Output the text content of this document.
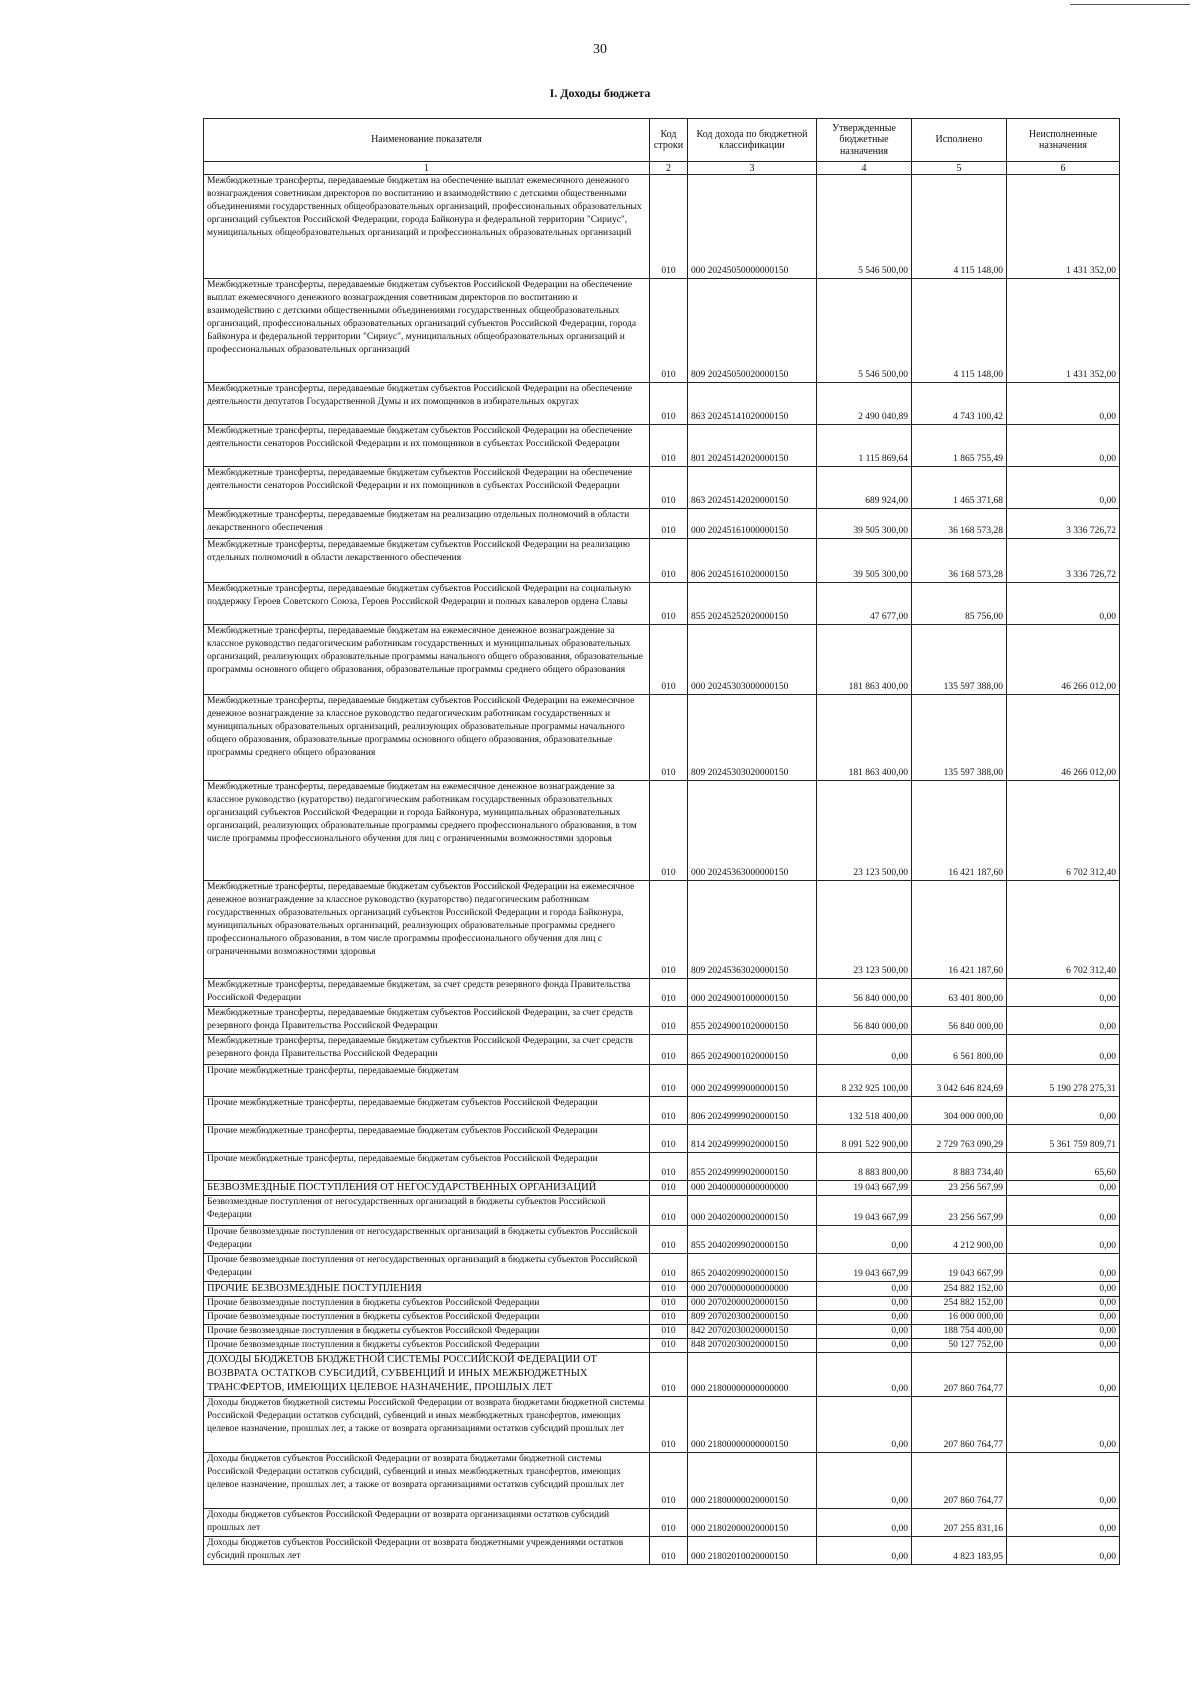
30
I. Доходы бюджета
Наименование показателя	Код строки	Код дохода по бюджетной классификации	Утвержденные бюджетные назначения	Исполнено	Неисполненные назначения
1	2	3	4	5	6
Межбюджетные трансферты, передаваемые бюджетам на обеспечение выплат ежемесячного денежного вознаграждения советникам директоров по воспитанию и взаимодействию с детскими общественными объединениями государственных общеобразовательных организаций, профессиональных образовательных организаций субъектов Российской Федерации, города Байконура и федеральной территории "Сириус", муниципальных общеобразовательных организаций и профессиональных образовательных организаций	010	000 20245050000000150	5 546 500,00	4 115 148,00	1 431 352,00
Межбюджетные трансферты, передаваемые бюджетам субъектов Российской Федерации на обеспечение выплат ежемесячного денежного вознаграждения советникам директоров по воспитанию и взаимодействию с детскими общественными объединениями государственных общеобразовательных организаций, профессиональных образовательных организаций субъектов Российской Федерации, города Байконура и федеральной территории "Сириус", муниципальных общеобразовательных организаций и профессиональных образовательных организаций	010	809 20245050020000150	5 546 500,00	4 115 148,00	1 431 352,00
Межбюджетные трансферты, передаваемые бюджетам субъектов Российской Федерации на обеспечение деятельности депутатов Государственной Думы и их помощников в избирательных округах	010	863 20245141020000150	2 490 040,89	4 743 100,42	0,00
Межбюджетные трансферты, передаваемые бюджетам субъектов Российской Федерации на обеспечение деятельности сенаторов Российской Федерации и их помощников в субъектах Российской Федерации	010	801 20245142020000150	1 115 869,64	1 865 755,49	0,00
Межбюджетные трансферты, передаваемые бюджетам субъектов Российской Федерации на обеспечение деятельности сенаторов Российской Федерации и их помощников в субъектах Российской Федерации	010	863 20245142020000150	689 924,00	1 465 371,68	0,00
Межбюджетные трансферты, передаваемые бюджетам на реализацию отдельных полномочий в области лекарственного обеспечения	010	000 20245161000000150	39 505 300,00	36 168 573,28	3 336 726,72
Межбюджетные трансферты, передаваемые бюджетам субъектов Российской Федерации на реализацию отдельных полномочий в области лекарственного обеспечения	010	806 20245161020000150	39 505 300,00	36 168 573,28	3 336 726,72
Межбюджетные трансферты, передаваемые бюджетам субъектов Российской Федерации на социальную поддержку Героев Советского Союза, Героев Российской Федерации и полных кавалеров ордена Славы	010	855 20245252020000150	47 677,00	85 756,00	0,00
Межбюджетные трансферты, передаваемые бюджетам на ежемесячное денежное вознаграждение за классное руководство педагогическим работникам государственных и муниципальных образовательных организаций, реализующих образовательные программы начального общего образования, образовательные программы основного общего образования, образовательные программы среднего общего образования	010	000 20245303000000150	181 863 400,00	135 597 388,00	46 266 012,00
Межбюджетные трансферты, передаваемые бюджетам субъектов Российской Федерации на ежемесячное денежное вознаграждение за классное руководство педагогическим работникам государственных и муниципальных образовательных организаций, реализующих образовательные программы начального общего образования, образовательные программы основного общего образования, образовательные программы среднего общего образования	010	809 20245303020000150	181 863 400,00	135 597 388,00	46 266 012,00
Межбюджетные трансферты, передаваемые бюджетам на ежемесячное денежное вознаграждение за классное руководство (кураторство) педагогическим работникам государственных образовательных организаций субъектов Российской Федерации и города Байконура, муниципальных образовательных организаций, реализующих образовательные программы среднего профессионального образования, в том числе программы профессионального обучения для лиц с ограниченными возможностями здоровья	010	000 20245363000000150	23 123 500,00	16 421 187,60	6 702 312,40
Межбюджетные трансферты, передаваемые бюджетам субъектов Российской Федерации на ежемесячное денежное вознаграждение за классное руководство (кураторство) педагогическим работникам государственных образовательных организаций субъектов Российской Федерации и города Байконура, муниципальных образовательных организаций, реализующих образовательные программы среднего профессионального образования, в том числе программы профессионального обучения для лиц с ограниченными возможностями здоровья	010	809 20245363020000150	23 123 500,00	16 421 187,60	6 702 312,40
Межбюджетные трансферты, передаваемые бюджетам, за счет средств резервного фонда Правительства Российской Федерации	010	000 20249001000000150	56 840 000,00	63 401 800,00	0,00
Межбюджетные трансферты, передаваемые бюджетам субъектов Российской Федерации, за счет средств резервного фонда Правительства Российской Федерации	010	855 20249001020000150	56 840 000,00	56 840 000,00	0,00
Межбюджетные трансферты, передаваемые бюджетам субъектов Российской Федерации, за счет средств резервного фонда Правительства Российской Федерации	010	865 20249001020000150	0,00	6 561 800,00	0,00
Прочие межбюджетные трансферты, передаваемые бюджетам	010	000 20249999000000150	8 232 925 100,00	3 042 646 824,69	5 190 278 275,31
Прочие межбюджетные трансферты, передаваемые бюджетам субъектов Российской Федерации	010	806 20249999020000150	132 518 400,00	304 000 000,00	0,00
Прочие межбюджетные трансферты, передаваемые бюджетам субъектов Российской Федерации	010	814 20249999020000150	8 091 522 900,00	2 729 763 090,29	5 361 759 809,71
Прочие межбюджетные трансферты, передаваемые бюджетам субъектов Российской Федерации	010	855 20249999020000150	8 883 800,00	8 883 734,40	65,60
БЕЗВОЗМЕЗДНЫЕ ПОСТУПЛЕНИЯ ОТ НЕГОСУДАРСТВЕННЫХ ОРГАНИЗАЦИЙ	010	000 20400000000000000	19 043 667,99	23 256 567,99	0,00
Безвозмездные поступления от негосударственных организаций в бюджеты субъектов Российской Федерации	010	000 20402000020000150	19 043 667,99	23 256 567,99	0,00
Прочие безвозмездные поступления от негосударственных организаций в бюджеты субъектов Российской Федерации	010	855 20402099020000150	0,00	4 212 900,00	0,00
Прочие безвозмездные поступления от негосударственных организаций в бюджеты субъектов Российской Федерации	010	865 20402099020000150	19 043 667,99	19 043 667,99	0,00
ПРОЧИЕ БЕЗВОЗМЕЗДНЫЕ ПОСТУПЛЕНИЯ	010	000 20700000000000000	0,00	254 882 152,00	0,00
Прочие безвозмездные поступления в бюджеты субъектов Российской Федерации	010	000 20702000020000150	0,00	254 882 152,00	0,00
Прочие безвозмездные поступления в бюджеты субъектов Российской Федерации	010	809 20702030020000150	0,00	16 000 000,00	0,00
Прочие безвозмездные поступления в бюджеты субъектов Российской Федерации	010	842 20702030020000150	0,00	188 754 400,00	0,00
Прочие безвозмездные поступления в бюджеты субъектов Российской Федерации	010	848 20702030020000150	0,00	50 127 752,00	0,00
ДОХОДЫ БЮДЖЕТОВ БЮДЖЕТНОЙ СИСТЕМЫ РОССИЙСКОЙ ФЕДЕРАЦИИ ОТ ВОЗВРАТА ОСТАТКОВ СУБСИДИЙ, СУБВЕНЦИЙ И ИНЫХ МЕЖБЮДЖЕТНЫХ ТРАНСФЕРТОВ, ИМЕЮЩИХ ЦЕЛЕВОЕ НАЗНАЧЕНИЕ, ПРОШЛЫХ ЛЕТ	010	000 21800000000000000	0,00	207 860 764,77	0,00
Доходы бюджетов бюджетной системы Российской Федерации от возврата бюджетами бюджетной системы Российской Федерации остатков субсидий, субвенций и иных межбюджетных трансфертов, имеющих целевое назначение, прошлых лет, а также от возврата организациями остатков субсидий прошлых лет	010	000 21800000000000150	0,00	207 860 764,77	0,00
Доходы бюджетов субъектов Российской Федерации от возврата бюджетами бюджетной системы Российской Федерации остатков субсидий, субвенций и иных межбюджетных трансфертов, имеющих целевое назначение, прошлых лет, а также от возврата организациями остатков субсидий прошлых лет	010	000 21800000020000150	0,00	207 860 764,77	0,00
Доходы бюджетов субъектов Российской Федерации от возврата организациями остатков субсидий прошлых лет	010	000 21802000020000150	0,00	207 255 831,16	0,00
Доходы бюджетов субъектов Российской Федерации от возврата бюджетными учреждениями остатков субсидий прошлых лет	010	000 21802010020000150	0,00	4 823 183,95	0,00
